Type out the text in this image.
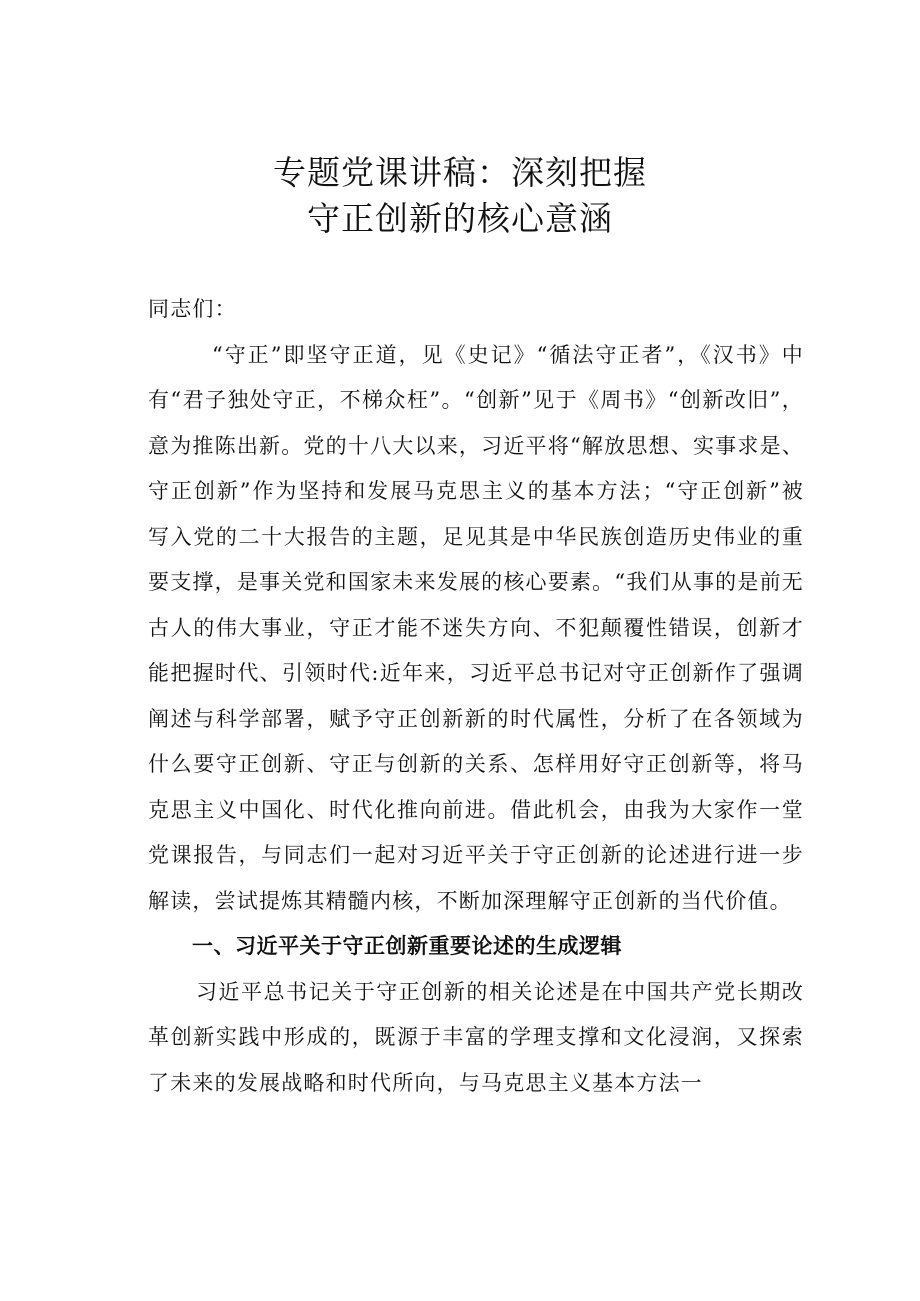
专题党课讲稿：深刻把握
守正创新的核心意涵

同志们：

“守正”即坚守正道，见《史记》“循法守正者”，《汉书》中有“君子独处守正，不梯众枉”。“创新”见于《周书》“创新改旧”，意为推陈出新。党的十八大以来，习近平将“解放思想、实事求是、守正创新”作为坚持和发展马克思主义的基本方法；“守正创新”被写入党的二十大报告的主题，足见其是中华民族创造历史伟业的重要支撑，是事关党和国家未来发展的核心要素。“我们从事的是前无古人的伟大事业，守正才能不迷失方向、不犯颠覆性错误，创新才能把握时代、引领时代:近年来，习近平总书记对守正创新作了强调阐述与科学部署，赋予守正创新新的时代属性，分析了在各领域为什么要守正创新、守正与创新的关系、怎样用好守正创新等，将马克思主义中国化、时代化推向前进。借此机会，由我为大家作一堂党课报告，与同志们一起对习近平关于守正创新的论述进行进一步解读，尝试提炼其精髓内核，不断加深理解守正创新的当代价值。

一、习近平关于守正创新重要论述的生成逻辑

习近平总书记关于守正创新的相关论述是在中国共产党长期改革创新实践中形成的，既源于丰富的学理支撑和文化浸润，又探索了未来的发展战略和时代所向，与马克思主义基本方法一
